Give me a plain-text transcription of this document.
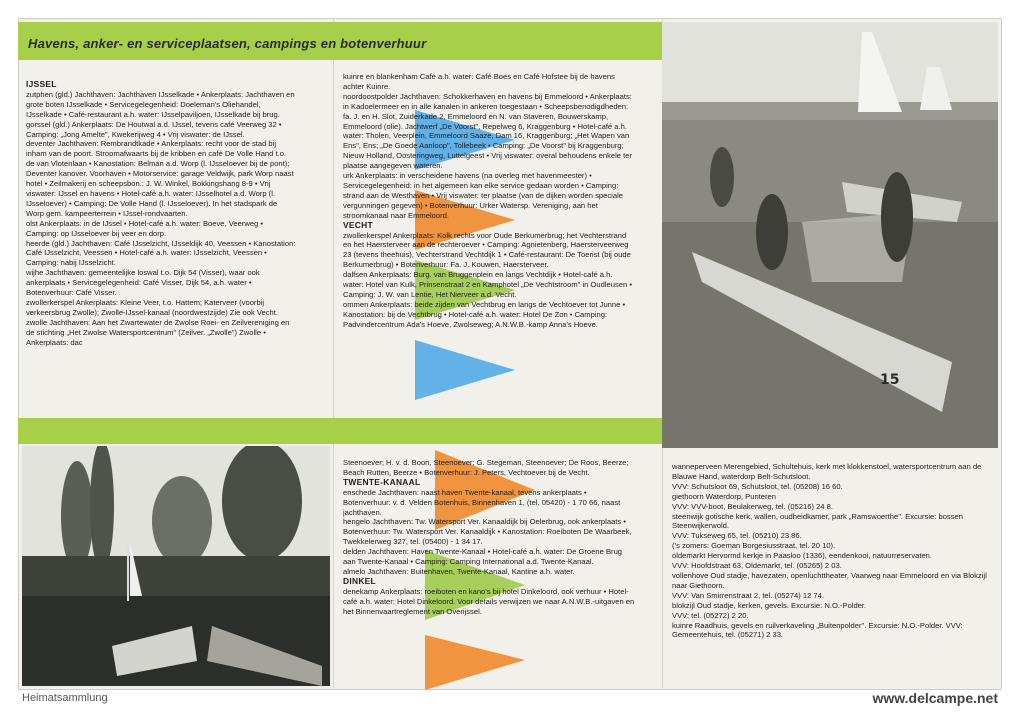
Havens, anker- en serviceplaatsen, campings en botenverhuur

IJSSEL

zutphen (gld.) Jachthaven: Jachthaven IJsselkade • Ankerplaats: Jachthaven en grote boten IJsselkade • Servicegelegenheid: Doeleman's Oliehandel, IJsselkade • Café-restaurant a.h. water: IJsselpaviljoen, IJsselkade bij brug.

gorssel (gld.) Ankerplaats: De Houtwal a.d. IJssel, tevens café Veerweg 32 • Camping: „Jong Amelte", Kwekerijweg 4 • Vrij viswater: de IJssel.

deventer Jachthaven: Rembrandtkade • Ankerplaats: recht voor de stad bij inham van de poort. Stroomafwaarts bij de kribben en café De Volle Hand t.o. de van Vlotenlaan • Kanostation: Belman a.d. Worp (l. IJsseloever bij de pont); Deventer kanover. Voorhaven • Motorservice: garage Veldwijk, park Worp naast hotel • Zeilmakerij en scheepsbon.: J. W. Winkel, Bokkingshang 8-9 • Vrij viswater: IJssel en havens • Hotel-café a.h. water: IJsselhotel a.d. Worp (l. IJsseloever) • Camping: De Volle Hand (l. IJsseloever). In het stadspark de Worp gem. kampeerterrein • IJssel-rondvaarten.

olst Ankerplaats: in de IJssel • Hotel-café a.h. water: Boeve, Veerweg • Camping: op IJsseloever bij veer en dorp.

heerde (gld.) Jachthaven: Café IJsselzicht, IJsseldijk 40, Veessen • Kanostation: Café IJsselzicht, Veessen • Hotel-café a.h. water: IJsselzicht, Veessen • Camping: nabij IJsselzicht.

wijhe Jachthaven: gemeentelijke loswal t.o. Dijk 54 (Visser), waar ook ankerplaats • Servicegelegenheid: Café Visser, Dijk 54, a.h. water • Botenverhuur: Café Visser.

zwollerkerspel Ankerplaats: Kleine Veer, t.o. Hattem; Katerveer (voorbij verkeersbrug Zwolle); Zwolle-IJssel-kanaal (noordwestzijde) Zie ook Vecht.

zwolle Jachthaven: Aan het Zwartewater de Zwolse Roei- en Zeilvereniging en de stichting „Het Zwolse Watersportcentrum" (Zeilver. „Zwolle") Zwolle • Ankerplaats: dac

kuinre en blankenham Café a.h. water: Café Boes en Café Hofstee bij de havens achter Kuinre.

noordoostpolder Jachthaven: Schokkerhaven en havens bij Emmeloord • Ankerplaats: in Kadoelermeer en in alle kanalen in ankeren toegestaan • Scheepsbenodigdheden: fa. J. en H. Slot, Zuiderkade 2, Emmeloord en N. van Staveren, Bouwerskamp, Emmeloord (olie). Jachtwerf „De Voorst", Repelweg 6, Kraggenburg • Hotel-café a.h. water: Tholen, Veerplein, Emmeloord Saaze, Dam 16, Kraggenburg; „Het Wapen van Ens", Ens; „De Goede Aanloop", Tollebeek • Camping: „De Voorst" bij Kraggenburg; Nieuw Holland, Oosteringweg, Luttelgeest • Vrij viswater: overal behoudens enkele ter plaatse aangegeven wateren.

urk Ankerplaats: in verscheidene havens (na overleg met havenmeester) • Servicegelegenheid: in het algemeen kan elke service gedaan worden • Camping: strand aan de Westhaven • Vrij viswater: ter plaatse (van de dijken worden speciale vergunningen gegeven) • Botenverhuur: Urker Watersp. Vereniging, aan het stroomkanaal naar Emmeloord.

VECHT

zwollerkerspel Ankerplaats: Kolk rechts voor Oude Berkumerbrug; het Vechterstrand en het Haerstervеer aan de rechteroever • Camping: Agnietenberg, Haersterveerweg 23 (tevens theehuis), Vechterstrand Vechtdijk 1 • Café-restaurant: De Toerist (bij oude Berkumerbrug) • Botenverhuur: Fa. J. Kouwen, Haersterveer.

dalfsen Ankerplaats: Burg. van Bruggenplein en langs Vechtdijk • Hotel-café a.h. water: Hotel van Kulk, Prinsenstraat 2 en Kamphotel „De Vechtstroom" in Oudleusen • Camping: J. W. van Lentie, Het Nierveer a.d. Vecht.

ommen Ankerplaats: beide zijden van Vechtbrug en langs de Vechtoever tot Junne • Kanostation: bij de Vechtbrug • Hotel-café a.h. water: Hotel De Zon • Camping: Padvindercentrum Ada's Hoeve, Zwolseweg; A.N.W.B.-kamp Anna's Hoeve.

Steenoever; H. v. d. Boon, Steenoever; G. Stegeman, Steenoever; De Roos, Beerze; Beach Rutten, Beerze • Botenverhuur: J. Peters, Vechtoever bij de Vecht.

TWENTE-KANAAL

enschede Jachthaven: naast haven Twente-kanaal, tevens ankerplaats • Botenverhuur: v. d. Velden Botenhuis, Binnenhaven 1, (tel. 05420) - 1 70 66, naast jachthaven.

hengelo Jachthaven: Tw. Watersport Ver. Kanaaldijk bij Oelerbrug, ook ankerplaats • Botenverhuur: Tw. Watersport Ver. Kanaaldijk • Kanostation: Roeiboten De Waarbeek, Twekkelerweg 327, tel. (05400) - 1 34 17.

delden Jachthaven: Haven Twente-Kanaal • Hotel-café a.h. water: De Groene Brug aan Twente-Kanaal • Camping: Camping International a.d. Twente-Kanaal.

almelo Jachthaven: Buitenhaven, Twente-Kanaal, Kantine a.h. water.

DINKEL

denekamp Ankerplaats: roeiboten en kano's bij hotel Dinkeloord, ook verhuur • Hotel-café a.h. water: Hotel Dinkeloord. Voor details verwijzen we naar A.N.W.B.-uitgaven en het Binnenvaartreglement van Overijssel.

wanneperveen Merengebied, Schultehuis, kerk met klokkenstoel, watersportcentrum aan de Blauwe Hand, waterdorp Belt-Schutsloot.

VVV: Schutsloot 69, Schutsloot, tel. (05208) 16 60.

giethoorn Waterdorp, Punteren

VVV: VVV-boot, Beulakerweg, tel. (05216) 24 8.

steenwijk gotische kerk, wallen, oudheidkamer, park „Ramswoerthe". Excursie: bossen Steenwijkerwold.

VVV: Tukseweg 65, tel. (05210) 23 86.

(’s zomers: Goeman Borgesiusstraat, tel. 20 10).

oldemarkt Hervormd kerkje in Paasloo (1336), eendenkooi, natuurreservaten.

VVV: Hoofdstraat 63, Oldemarkt, tel. (05265) 2 03.

vollenhove Oud stadje, havezaten, openluchttheater, Vaarweg naar Emmeloord en via Blokzijl naar Giethoorn.

VVV: Van Smirrenstraat 2, tel. (05274) 12 74.

blokzijl Oud stadje, kerken, gevels. Excursie: N.O.-Polder.

VVV: tel. (05272) 2 20.

kuinre Raadhuis, gevels en ruilverkaveling „Buitenpolder". Excursie: N.O.-Polder. VVV: Gemeentehuis, tel. (05271) 2 33.

15
Heimatsammlung	www.delcampe.net
